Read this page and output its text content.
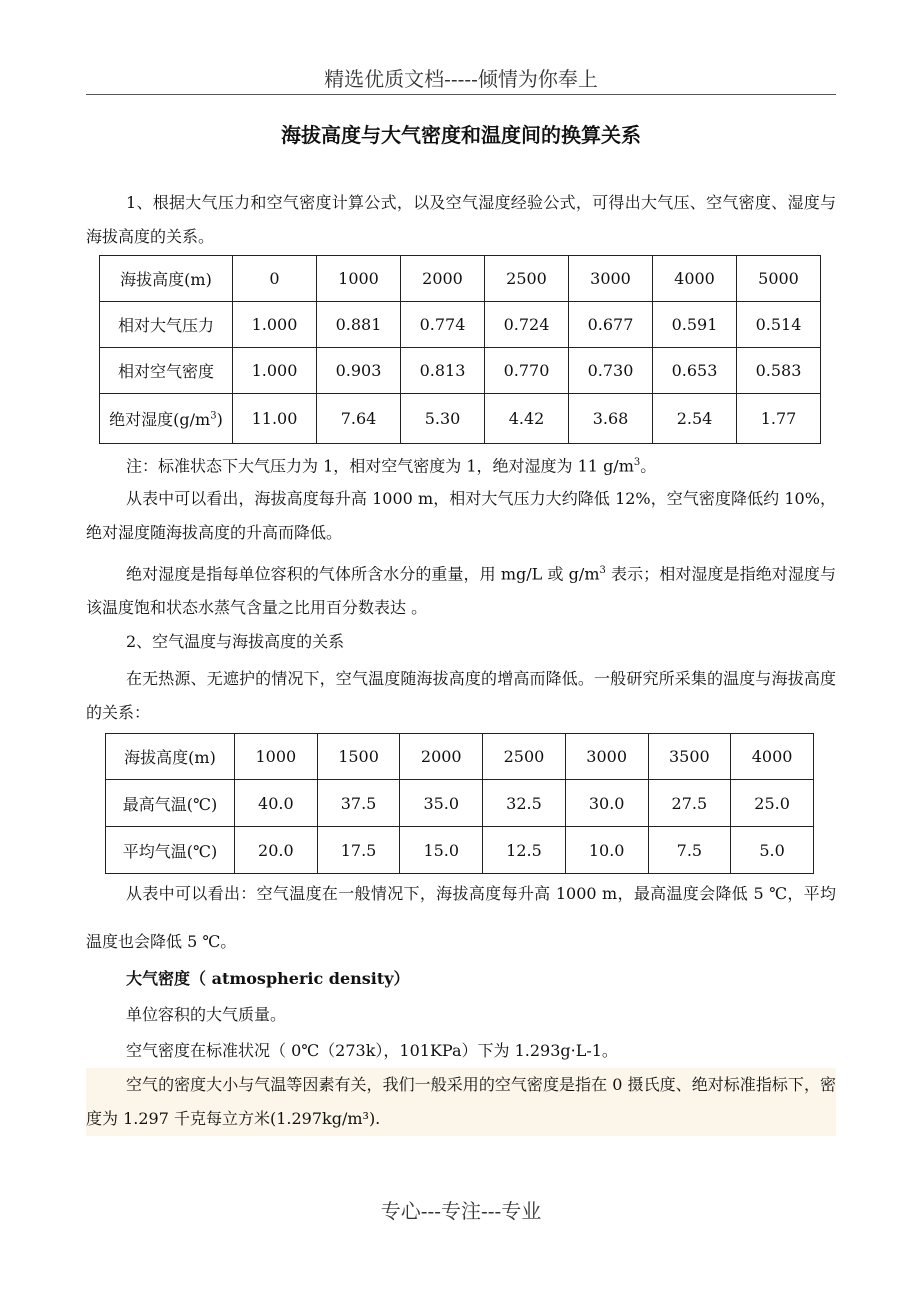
精选优质文档-----倾情为你奉上
海拔高度与大气密度和温度间的换算关系

1、根据大气压力和空气密度计算公式，以及空气湿度经验公式，可得出大气压、空气密度、湿度与海拔高度的关系。

海拔高度(m)	0	1000	2000	2500	3000	4000	5000
相对大气压力	1.000	0.881	0.774	0.724	0.677	0.591	0.514
相对空气密度	1.000	0.903	0.813	0.770	0.730	0.653	0.583
绝对湿度$(g/m^3)$	11.00	7.64	5.30	4.42	3.68	2.54	1.77

注：标准状态下大气压力为 1，相对空气密度为 1，绝对湿度为 11 $g/m^3$。

从表中可以看出，海拔高度每升高 1000 m，相对大气压力大约降低 12%，空气密度降低约 10%，绝对湿度随海拔高度的升高而降低。

绝对湿度是指每单位容积的气体所含水分的重量，用 mg/L 或 $g/m^3$ 表示；相对湿度是指绝对湿度与该温度饱和状态水蒸气含量之比用百分数表达 。

2、空气温度与海拔高度的关系

在无热源、无遮护的情况下，空气温度随海拔高度的增高而降低。一般研究所采集的温度与海拔高度的关系：

海拔高度(m)	1000	1500	2000	2500	3000	3500	4000
最高气温(℃)	40.0	37.5	35.0	32.5	30.0	27.5	25.0
平均气温(℃)	20.0	17.5	15.0	12.5	10.0	7.5	5.0

从表中可以看出：空气温度在一般情况下，海拔高度每升高 1000 m，最高温度会降低 5 ℃，平均温度也会降低 5 ℃。

大气密度（ atmospheric density）

单位容积的大气质量。

空气密度在标准状况（ 0℃（273k），101KPa）下为 1.293g·L-1。

空气的密度大小与气温等因素有关，我们一般采用的空气密度是指在 0 摄氏度、绝对标准指标下，密度为 1.297 千克每立方米(1.297kg/m³).

专心---专注---专业
